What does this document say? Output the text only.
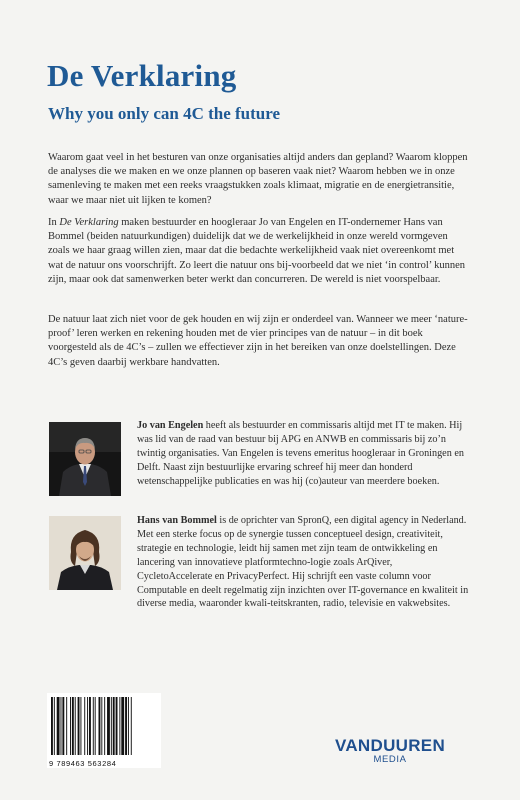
De Verklaring
Why you only can 4C the future
Waarom gaat veel in het besturen van onze organisaties altijd anders dan gepland? Waarom kloppen de analyses die we maken en we onze plannen op baseren vaak niet? Waarom hebben we in onze samenleving te maken met een reeks vraagstukken zoals klimaat, migratie en de energietransitie, waar we maar niet uit lijken te komen?
In De Verklaring maken bestuurder en hoogleraar Jo van Engelen en IT-ondernemer Hans van Bommel (beiden natuurkundigen) duidelijk dat we de werkelijkheid in onze wereld vormgeven zoals we haar graag willen zien, maar dat die bedachte werkelijkheid vaak niet overeenkomt met wat de natuur ons voorschrijft. Zo leert die natuur ons bij-voorbeeld dat we niet ‘in control’ kunnen zijn, maar ook dat samenwerken beter werkt dan concurreren. De wereld is niet voorspelbaar.
De natuur laat zich niet voor de gek houden en wij zijn er onderdeel van. Wanneer we meer ‘nature-proof’ leren werken en rekening houden met de vier principes van de natuur – in dit boek voorgesteld als de 4C’s – zullen we effectiever zijn in het bereiken van onze doelstellingen. Deze 4C’s geven daarbij werkbare handvatten.
Jo van Engelen heeft als bestuurder en commissaris altijd met IT te maken. Hij was lid van de raad van bestuur bij APG en ANWB en commissaris bij zo’n twintig organisaties. Van Engelen is tevens emeritus hoogleraar in Groningen en Delft. Naast zijn bestuurlijke ervaring schreef hij meer dan honderd wetenschappelijke publicaties en was hij (co)auteur van meerdere boeken.
Hans van Bommel is de oprichter van SpronQ, een digital agency in Nederland. Met een sterke focus op de synergie tussen conceptueel design, creativiteit, strategie en technologie, leidt hij samen met zijn team de ontwikkeling en lancering van innovatieve platformtechno-logie zoals ArQiver, CycletoAccelerate en PrivacyPerfect. Hij schrijft een vaste column voor Computable en deelt regelmatig zijn inzichten over IT-governance en kwaliteit in diverse media, waaronder kwali-teitskranten, radio, televisie en vakwebsites.
9 789463 563284
VANDUUREN
MEDIA
